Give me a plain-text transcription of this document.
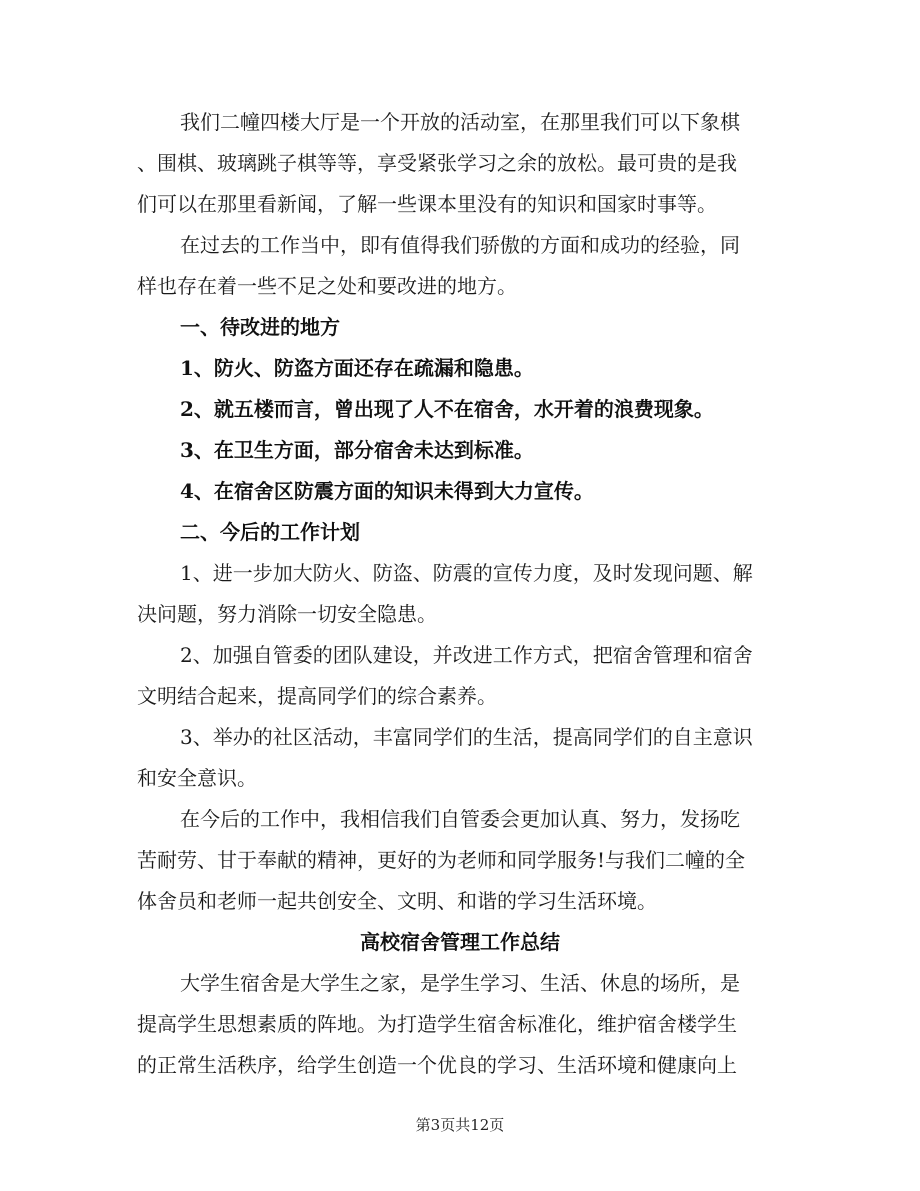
我们二幢四楼大厅是一个开放的活动室，在那里我们可以下象棋
、围棋、玻璃跳子棋等等，享受紧张学习之余的放松。最可贵的是我
们可以在那里看新闻，了解一些课本里没有的知识和国家时事等。
在过去的工作当中，即有值得我们骄傲的方面和成功的经验，同
样也存在着一些不足之处和要改进的地方。
一、待改进的地方
1、防火、防盗方面还存在疏漏和隐患。
2、就五楼而言，曾出现了人不在宿舍，水开着的浪费现象。
3、在卫生方面，部分宿舍未达到标准。
4、在宿舍区防震方面的知识未得到大力宣传。
二、今后的工作计划
1、进一步加大防火、防盗、防震的宣传力度，及时发现问题、解
决问题，努力消除一切安全隐患。
2、加强自管委的团队建设，并改进工作方式，把宿舍管理和宿舍
文明结合起来，提高同学们的综合素养。
3、举办的社区活动，丰富同学们的生活，提高同学们的自主意识
和安全意识。
在今后的工作中，我相信我们自管委会更加认真、努力，发扬吃
苦耐劳、甘于奉献的精神，更好的为老师和同学服务!与我们二幢的全
体舍员和老师一起共创安全、文明、和谐的学习生活环境。
高校宿舍管理工作总结
大学生宿舍是大学生之家，是学生学习、生活、休息的场所，是
提高学生思想素质的阵地。为打造学生宿舍标准化，维护宿舍楼学生
的正常生活秩序，给学生创造一个优良的学习、生活环境和健康向上
第3页共12页
